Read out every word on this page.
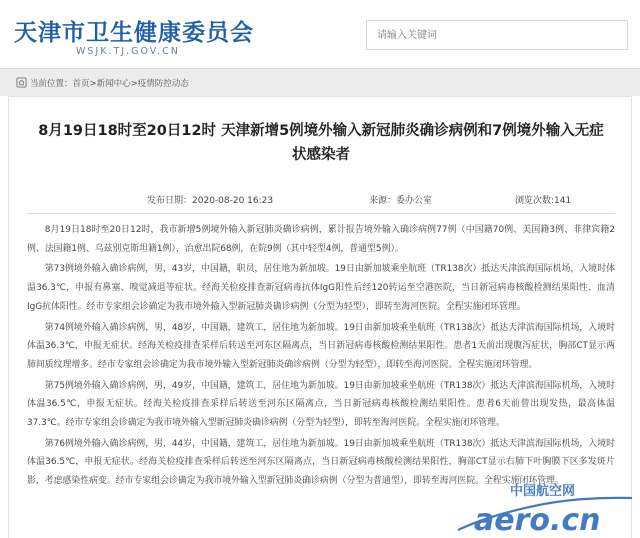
天津市卫生健康委员会
WSJK.TJ.GOV.CN
请输入关键词
当前位置：首页>新闻中心>疫情防控动态
8月19日18时至20日12时 天津新增5例境外输入新冠肺炎确诊病例和7例境外输入无症状感染者
发布日期：2020-08-20 16:23	来源：委办公室	浏览次数:141

8月19日18时至20日12时，我市新增5例境外输入新冠肺炎确诊病例，累计报告境外输入确诊病例77例（中国籍70例、美国籍3例、菲律宾籍2例、法国籍1例、乌兹别克斯坦籍1例），治愈出院68例，在院9例（其中轻型4例，普通型5例）。

第73例境外输入确诊病例，男，43岁，中国籍，职员，居住地为新加坡。19日由新加坡乘坐航班（TR138次）抵达天津滨海国际机场，入境时体温36.3℃，申报有鼻塞、嗅觉减退等症状。经海关检疫排查新冠病毒抗体IgG阳性后经120转运至空港医院，当日新冠病毒核酸检测结果阳性、血清IgG抗体阳性。经市专家组会诊确定为我市境外输入型新冠肺炎确诊病例（分型为轻型），即转至海河医院。全程实施闭环管理。

第74例境外输入确诊病例，男，48岁，中国籍，建筑工，居住地为新加坡。19日由新加坡乘坐航班（TR138次）抵达天津滨海国际机场，入境时体温36.3℃，申报无症状。经海关检疫排查采样后转送至河东区隔离点，当日新冠病毒核酸检测结果阳性。患者1天前出现腹泻症状，胸部CT显示两肺间质纹理增多。经市专家组会诊确定为我市境外输入型新冠肺炎确诊病例（分型为轻型），即转至海河医院。全程实施闭环管理。

第75例境外输入确诊病例，男，49岁，中国籍，建筑工，居住地为新加坡。19日由新加坡乘坐航班（TR138次）抵达天津滨海国际机场，入境时体温36.5℃，申报无症状。经海关检疫排查采样后转送至河东区隔离点，当日新冠病毒核酸检测结果阳性。患者6天前曾出现发热，最高体温37.3℃。经市专家组会诊确定为我市境外输入型新冠肺炎确诊病例（分型为轻型），即转至海河医院。全程实施闭环管理。

第76例境外输入确诊病例，男，44岁，中国籍，建筑工，居住地为新加坡。19日由新加坡乘坐航班（TR138次）抵达天津滨海国际机场，入境时体温36.5℃，申报无症状。经海关检疫排查采样后转送至河东区隔离点，当日新冠病毒核酸检测结果阳性，胸部CT显示右肺下叶胸膜下区多发斑片影，考虑感染性病变。经市专家组会诊确定为我市境外输入型新冠肺炎确诊病例（分型为普通型），即转至海河医院。全程实施闭环管理。

中国航空网
aero.cn
